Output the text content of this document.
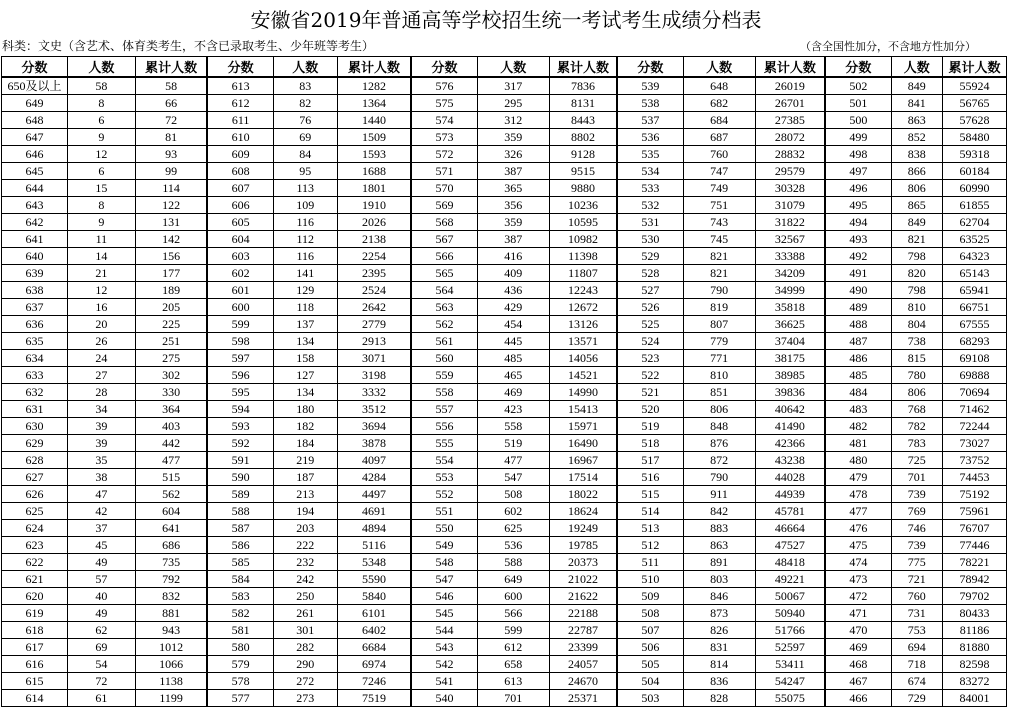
安徽省2019年普通高等学校招生统一考试考生成绩分档表
科类：文史（含艺术、体育类考生，不含已录取考生、少年班等考生）	（含全国性加分，不含地方性加分）
分数	人数	累计人数	分数	人数	累计人数	分数	人数	累计人数	分数	人数	累计人数	分数	人数	累计人数
650及以上	58	58	613	83	1282	576	317	7836	539	648	26019	502	849	55924
649	8	66	612	82	1364	575	295	8131	538	682	26701	501	841	56765
648	6	72	611	76	1440	574	312	8443	537	684	27385	500	863	57628
647	9	81	610	69	1509	573	359	8802	536	687	28072	499	852	58480
646	12	93	609	84	1593	572	326	9128	535	760	28832	498	838	59318
645	6	99	608	95	1688	571	387	9515	534	747	29579	497	866	60184
644	15	114	607	113	1801	570	365	9880	533	749	30328	496	806	60990
643	8	122	606	109	1910	569	356	10236	532	751	31079	495	865	61855
642	9	131	605	116	2026	568	359	10595	531	743	31822	494	849	62704
641	11	142	604	112	2138	567	387	10982	530	745	32567	493	821	63525
640	14	156	603	116	2254	566	416	11398	529	821	33388	492	798	64323
639	21	177	602	141	2395	565	409	11807	528	821	34209	491	820	65143
638	12	189	601	129	2524	564	436	12243	527	790	34999	490	798	65941
637	16	205	600	118	2642	563	429	12672	526	819	35818	489	810	66751
636	20	225	599	137	2779	562	454	13126	525	807	36625	488	804	67555
635	26	251	598	134	2913	561	445	13571	524	779	37404	487	738	68293
634	24	275	597	158	3071	560	485	14056	523	771	38175	486	815	69108
633	27	302	596	127	3198	559	465	14521	522	810	38985	485	780	69888
632	28	330	595	134	3332	558	469	14990	521	851	39836	484	806	70694
631	34	364	594	180	3512	557	423	15413	520	806	40642	483	768	71462
630	39	403	593	182	3694	556	558	15971	519	848	41490	482	782	72244
629	39	442	592	184	3878	555	519	16490	518	876	42366	481	783	73027
628	35	477	591	219	4097	554	477	16967	517	872	43238	480	725	73752
627	38	515	590	187	4284	553	547	17514	516	790	44028	479	701	74453
626	47	562	589	213	4497	552	508	18022	515	911	44939	478	739	75192
625	42	604	588	194	4691	551	602	18624	514	842	45781	477	769	75961
624	37	641	587	203	4894	550	625	19249	513	883	46664	476	746	76707
623	45	686	586	222	5116	549	536	19785	512	863	47527	475	739	77446
622	49	735	585	232	5348	548	588	20373	511	891	48418	474	775	78221
621	57	792	584	242	5590	547	649	21022	510	803	49221	473	721	78942
620	40	832	583	250	5840	546	600	21622	509	846	50067	472	760	79702
619	49	881	582	261	6101	545	566	22188	508	873	50940	471	731	80433
618	62	943	581	301	6402	544	599	22787	507	826	51766	470	753	81186
617	69	1012	580	282	6684	543	612	23399	506	831	52597	469	694	81880
616	54	1066	579	290	6974	542	658	24057	505	814	53411	468	718	82598
615	72	1138	578	272	7246	541	613	24670	504	836	54247	467	674	83272
614	61	1199	577	273	7519	540	701	25371	503	828	55075	466	729	84001
